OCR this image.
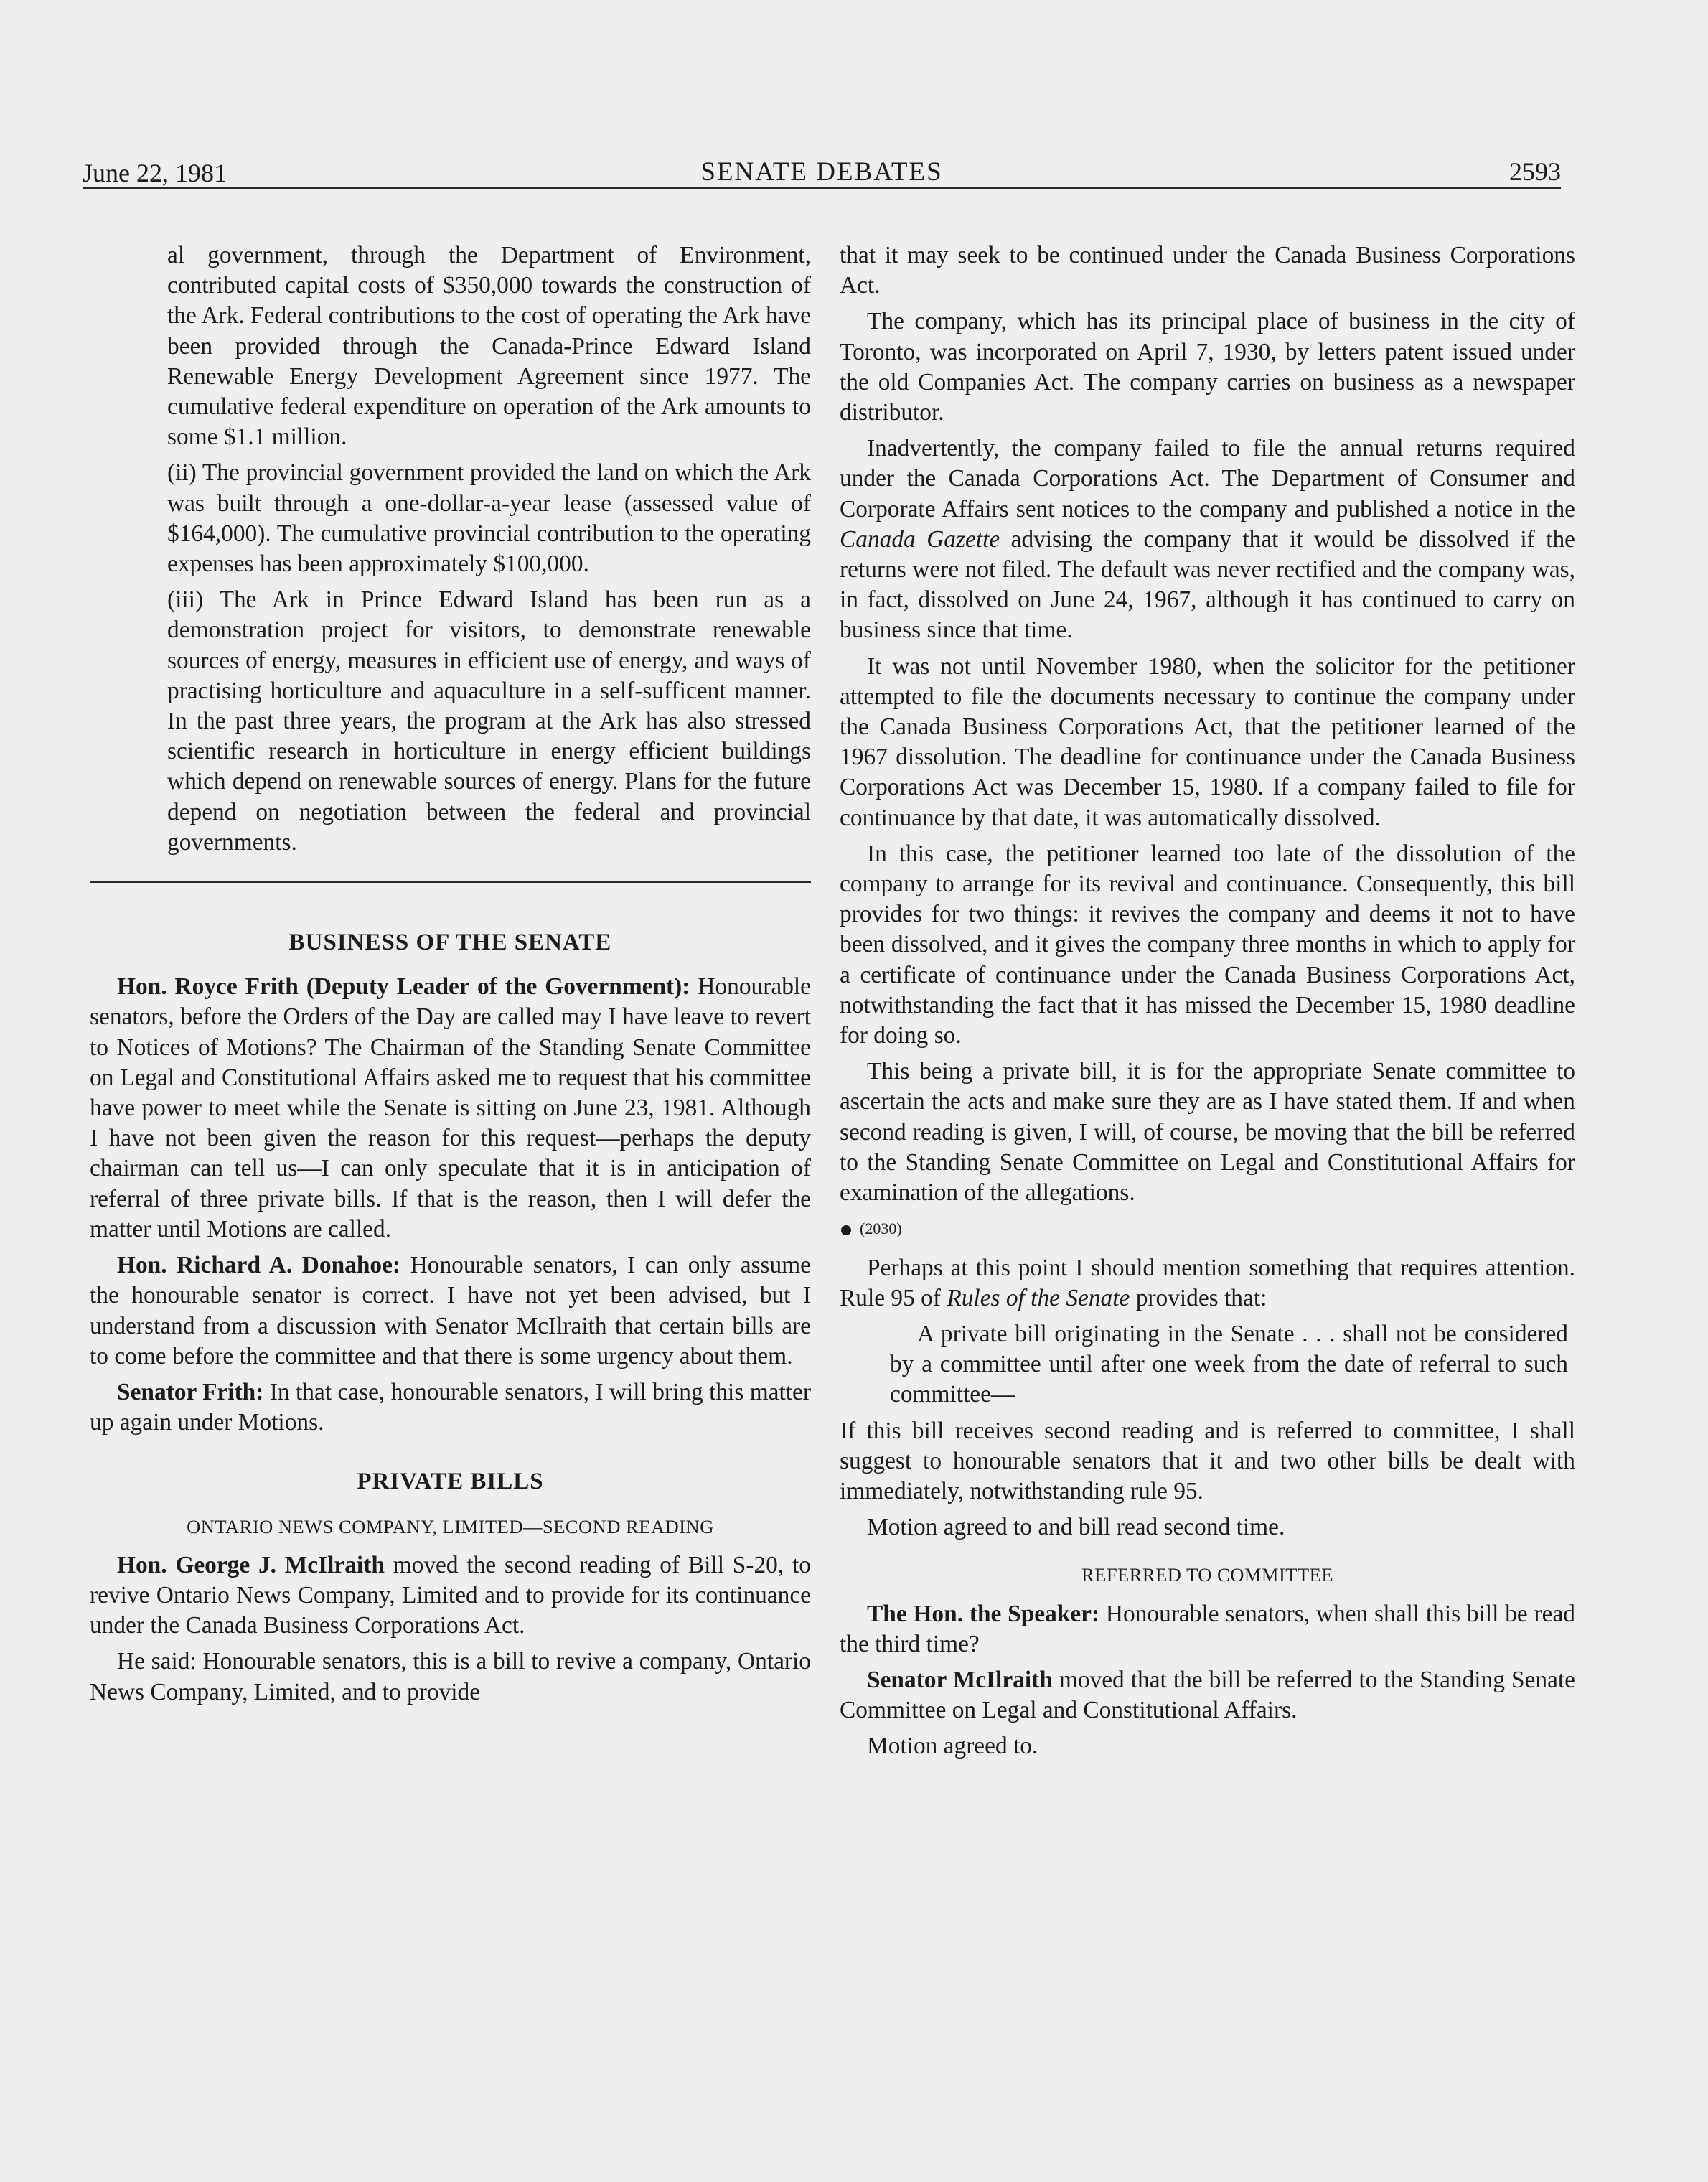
June 22, 1981	SENATE DEBATES	2593

al government, through the Department of Environment, contributed capital costs of $350,000 towards the construction of the Ark. Federal contributions to the cost of operating the Ark have been provided through the Canada-Prince Edward Island Renewable Energy Development Agreement since 1977. The cumulative federal expenditure on operation of the Ark amounts to some $1.1 million.

(ii) The provincial government provided the land on which the Ark was built through a one-dollar-a-year lease (assessed value of $164,000). The cumulative provincial contribution to the operating expenses has been approximately $100,000.

(iii) The Ark in Prince Edward Island has been run as a demonstration project for visitors, to demonstrate renewable sources of energy, measures in efficient use of energy, and ways of practising horticulture and aquaculture in a self-sufficent manner. In the past three years, the program at the Ark has also stressed scientific research in horticulture in energy efficient buildings which depend on renewable sources of energy. Plans for the future depend on negotiation between the federal and provincial governments.

BUSINESS OF THE SENATE

Hon. Royce Frith (Deputy Leader of the Government): Honourable senators, before the Orders of the Day are called may I have leave to revert to Notices of Motions? The Chairman of the Standing Senate Committee on Legal and Constitutional Affairs asked me to request that his committee have power to meet while the Senate is sitting on June 23, 1981. Although I have not been given the reason for this request—perhaps the deputy chairman can tell us—I can only speculate that it is in anticipation of referral of three private bills. If that is the reason, then I will defer the matter until Motions are called.

Hon. Richard A. Donahoe: Honourable senators, I can only assume the honourable senator is correct. I have not yet been advised, but I understand from a discussion with Senator McIlraith that certain bills are to come before the committee and that there is some urgency about them.

Senator Frith: In that case, honourable senators, I will bring this matter up again under Motions.

PRIVATE BILLS
ONTARIO NEWS COMPANY, LIMITED—SECOND READING

Hon. George J. McIlraith moved the second reading of Bill S-20, to revive Ontario News Company, Limited and to provide for its continuance under the Canada Business Corporations Act.

He said: Honourable senators, this is a bill to revive a company, Ontario News Company, Limited, and to provide

that it may seek to be continued under the Canada Business Corporations Act.

The company, which has its principal place of business in the city of Toronto, was incorporated on April 7, 1930, by letters patent issued under the old Companies Act. The company carries on business as a newspaper distributor.

Inadvertently, the company failed to file the annual returns required under the Canada Corporations Act. The Department of Consumer and Corporate Affairs sent notices to the company and published a notice in the Canada Gazette advising the company that it would be dissolved if the returns were not filed. The default was never rectified and the company was, in fact, dissolved on June 24, 1967, although it has continued to carry on business since that time.

It was not until November 1980, when the solicitor for the petitioner attempted to file the documents necessary to continue the company under the Canada Business Corporations Act, that the petitioner learned of the 1967 dissolution. The deadline for continuance under the Canada Business Corporations Act was December 15, 1980. If a company failed to file for continuance by that date, it was automatically dissolved.

In this case, the petitioner learned too late of the dissolution of the company to arrange for its revival and continuance. Consequently, this bill provides for two things: it revives the company and deems it not to have been dissolved, and it gives the company three months in which to apply for a certificate of continuance under the Canada Business Corporations Act, notwithstanding the fact that it has missed the December 15, 1980 deadline for doing so.

This being a private bill, it is for the appropriate Senate committee to ascertain the acts and make sure they are as I have stated them. If and when second reading is given, I will, of course, be moving that the bill be referred to the Standing Senate Committee on Legal and Constitutional Affairs for examination of the allegations.

(2030)

Perhaps at this point I should mention something that requires attention. Rule 95 of Rules of the Senate provides that:

A private bill originating in the Senate . . . shall not be considered by a committee until after one week from the date of referral to such committee—

If this bill receives second reading and is referred to committee, I shall suggest to honourable senators that it and two other bills be dealt with immediately, notwithstanding rule 95.

Motion agreed to and bill read second time.

REFERRED TO COMMITTEE

The Hon. the Speaker: Honourable senators, when shall this bill be read the third time?

Senator McIlraith moved that the bill be referred to the Standing Senate Committee on Legal and Constitutional Affairs.

Motion agreed to.
